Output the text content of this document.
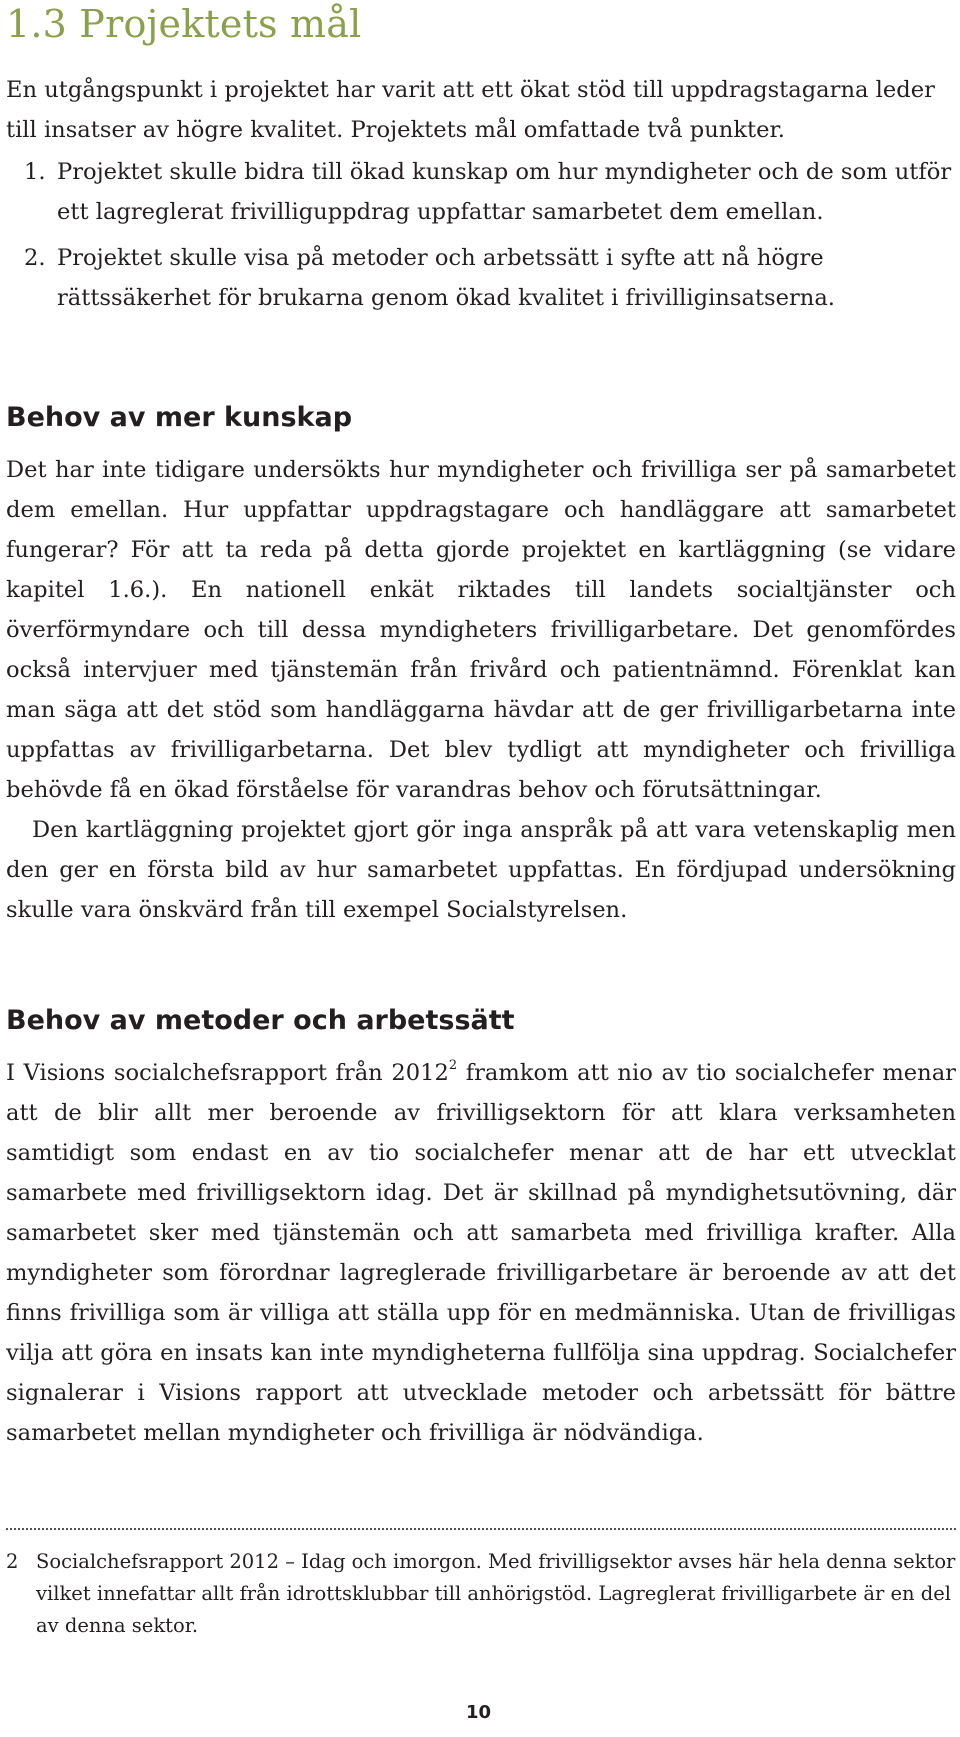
1.3 Projektets mål

En utgångspunkt i projektet har varit att ett ökat stöd till uppdragstagarna leder till insatser av högre kvalitet. Projektets mål omfattade två punkter.

1. Projektet skulle bidra till ökad kunskap om hur myndigheter och de som utför ett lagreglerat frivilliguppdrag uppfattar samarbetet dem emellan.
2. Projektet skulle visa på metoder och arbetssätt i syfte att nå högre rättssäkerhet för brukarna genom ökad kvalitet i frivilliginsatserna.
Behov av mer kunskap

Det har inte tidigare undersökts hur myndigheter och frivilliga ser på samarbetet dem emellan. Hur uppfattar uppdragstagare och handläggare att samarbetet fungerar? För att ta reda på detta gjorde projektet en kartläggning (se vidare kapitel 1.6.). En nationell enkät riktades till landets socialtjänster och överförmyndare och till dessa myndigheters frivilligarbetare. Det genomfördes också intervjuer med tjänstemän från frivård och patientnämnd. Förenklat kan man säga att det stöd som handläggarna hävdar att de ger frivilligarbetarna inte uppfattas av frivilligarbetarna. Det blev tydligt att myndigheter och frivilliga behövde få en ökad förståelse för varandras behov och förutsättningar.

Den kartläggning projektet gjort gör inga anspråk på att vara vetenskaplig men den ger en första bild av hur samarbetet uppfattas. En fördjupad undersökning skulle vara önskvärd från till exempel Socialstyrelsen.

Behov av metoder och arbetssätt

I Visions socialchefsrapport från 2012$^2$ framkom att nio av tio socialchefer menar att de blir allt mer beroende av frivilligsektorn för att klara verksamheten samtidigt som endast en av tio socialchefer menar att de har ett utvecklat samarbete med frivilligsektorn idag. Det är skillnad på myndighetsutövning, där samarbetet sker med tjänstemän och att samarbeta med frivilliga krafter. Alla myndigheter som förordnar lagreglerade frivilligarbetare är beroende av att det finns frivilliga som är villiga att ställa upp för en medmänniska. Utan de frivilligas vilja att göra en insats kan inte myndigheterna fullfölja sina uppdrag. Socialchefer signalerar i Visions rapport att utvecklade metoder och arbetssätt för bättre samarbetet mellan myndigheter och frivilliga är nödvändiga.

2 Socialchefsrapport 2012 – Idag och imorgon. Med frivilligsektor avses här hela denna sektor vilket innefattar allt från idrottsklubbar till anhörigstöd. Lagreglerat frivilligarbete är en del av denna sektor.

10
